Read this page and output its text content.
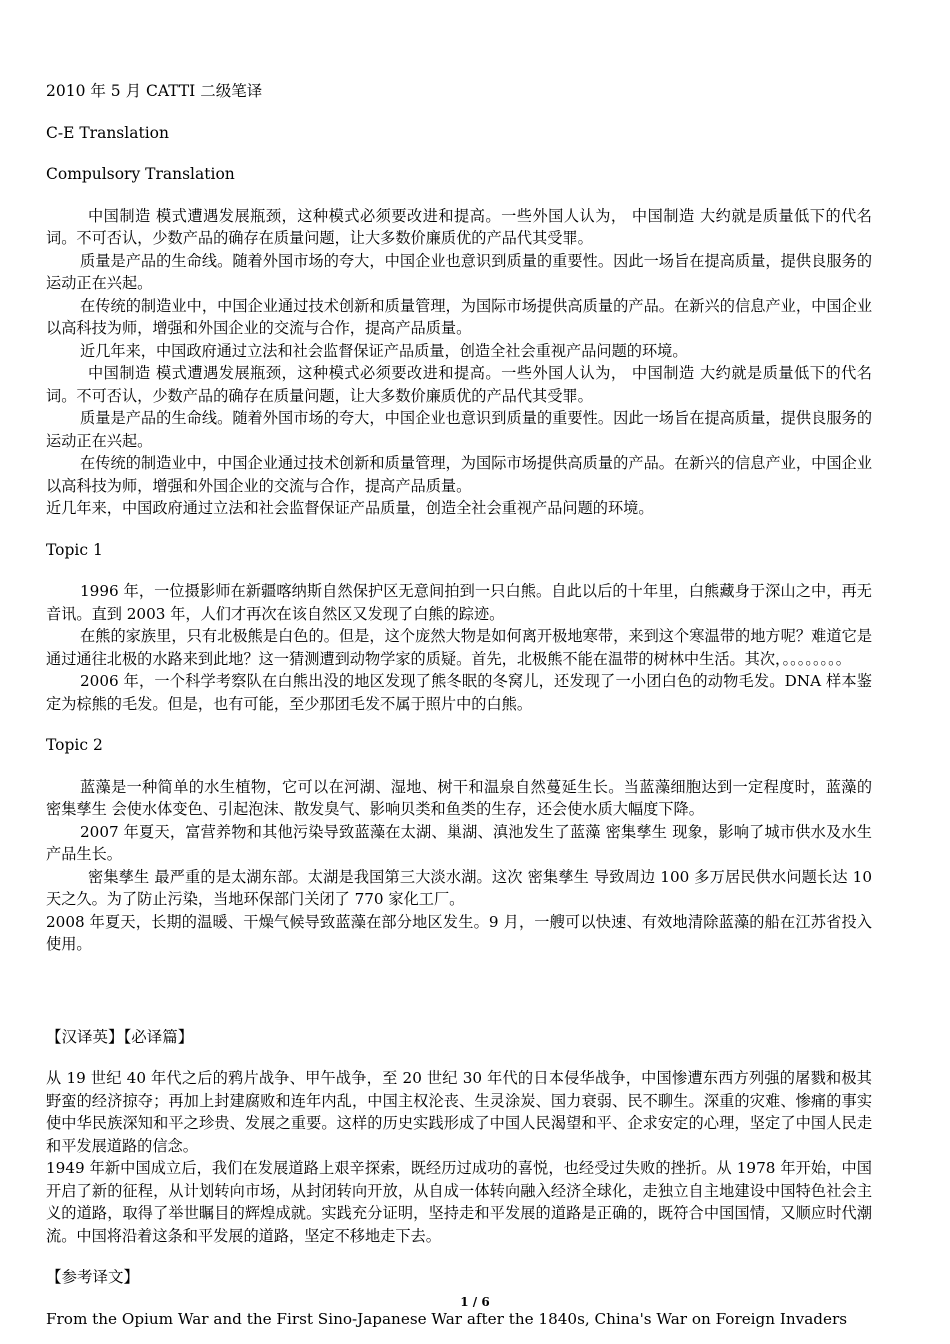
2010 年 5 月 CATTI 二级笔译

C-E Translation

Compulsory Translation

中国制造 模式遭遇发展瓶颈，这种模式必须要改进和提高。一些外国人认为， 中国制造 大约就是质量低下的代名词。不可否认，少数产品的确存在质量问题，让大多数价廉质优的产品代其受罪。

质量是产品的生命线。随着外国市场的夸大，中国企业也意识到质量的重要性。因此一场旨在提高质量，提供良服务的运动正在兴起。

在传统的制造业中，中国企业通过技术创新和质量管理，为国际市场提供高质量的产品。在新兴的信息产业，中国企业以高科技为师，增强和外国企业的交流与合作，提高产品质量。

近几年来，中国政府通过立法和社会监督保证产品质量，创造全社会重视产品问题的环境。

中国制造 模式遭遇发展瓶颈，这种模式必须要改进和提高。一些外国人认为， 中国制造 大约就是质量低下的代名词。不可否认，少数产品的确存在质量问题，让大多数价廉质优的产品代其受罪。

质量是产品的生命线。随着外国市场的夸大，中国企业也意识到质量的重要性。因此一场旨在提高质量，提供良服务的运动正在兴起。

在传统的制造业中，中国企业通过技术创新和质量管理，为国际市场提供高质量的产品。在新兴的信息产业，中国企业以高科技为师，增强和外国企业的交流与合作，提高产品质量。

近几年来，中国政府通过立法和社会监督保证产品质量，创造全社会重视产品问题的环境。

Topic 1

1996 年，一位摄影师在新疆喀纳斯自然保护区无意间拍到一只白熊。自此以后的十年里，白熊藏身于深山之中，再无音讯。直到 2003 年，人们才再次在该自然区又发现了白熊的踪迹。

在熊的家族里，只有北极熊是白色的。但是，这个庞然大物是如何离开极地寒带，来到这个寒温带的地方呢？难道它是通过通往北极的水路来到此地？这一猜测遭到动物学家的质疑。首先，北极熊不能在温带的树林中生活。其次，。。。。。。。。

2006 年，一个科学考察队在白熊出没的地区发现了熊冬眠的冬窝儿，还发现了一小团白色的动物毛发。DNA 样本鉴定为棕熊的毛发。但是，也有可能，至少那团毛发不属于照片中的白熊。

Topic 2

蓝藻是一种简单的水生植物，它可以在河湖、湿地、树干和温泉自然蔓延生长。当蓝藻细胞达到一定程度时，蓝藻的 密集孳生 会使水体变色、引起泡沫、散发臭气、影响贝类和鱼类的生存，还会使水质大幅度下降。

2007 年夏天，富营养物和其他污染导致蓝藻在太湖、巢湖、滇池发生了蓝藻 密集孳生 现象，影响了城市供水及水生产品生长。

密集孳生 最严重的是太湖东部。太湖是我国第三大淡水湖。这次 密集孳生 导致周边 100 多万居民供水问题长达 10 天之久。为了防止污染，当地环保部门关闭了 770 家化工厂。

2008 年夏天，长期的温暖、干燥气候导致蓝藻在部分地区发生。9 月，一艘可以快速、有效地清除蓝藻的船在江苏省投入使用。

【汉译英】【必译篇】

从 19 世纪 40 年代之后的鸦片战争、甲午战争，至 20 世纪 30 年代的日本侵华战争，中国惨遭东西方列强的屠戮和极其野蛮的经济掠夺；再加上封建腐败和连年内乱，中国主权沦丧、生灵涂炭、国力衰弱、民不聊生。深重的灾难、惨痛的事实使中华民族深知和平之珍贵、发展之重要。这样的历史实践形成了中国人民渴望和平、企求安定的心理，坚定了中国人民走和平发展道路的信念。

1949 年新中国成立后，我们在发展道路上艰辛探索，既经历过成功的喜悦，也经受过失败的挫折。从 1978 年开始，中国开启了新的征程，从计划转向市场，从封闭转向开放，从自成一体转向融入经济全球化，走独立自主地建设中国特色社会主义的道路，取得了举世瞩目的辉煌成就。实践充分证明，坚持走和平发展的道路是正确的，既符合中国国情，又顺应时代潮流。中国将沿着这条和平发展的道路，坚定不移地走下去。

【参考译文】

From the Opium War and the First Sino-Japanese War after the 1840s, China's War on Foreign Invaders

1 / 6
